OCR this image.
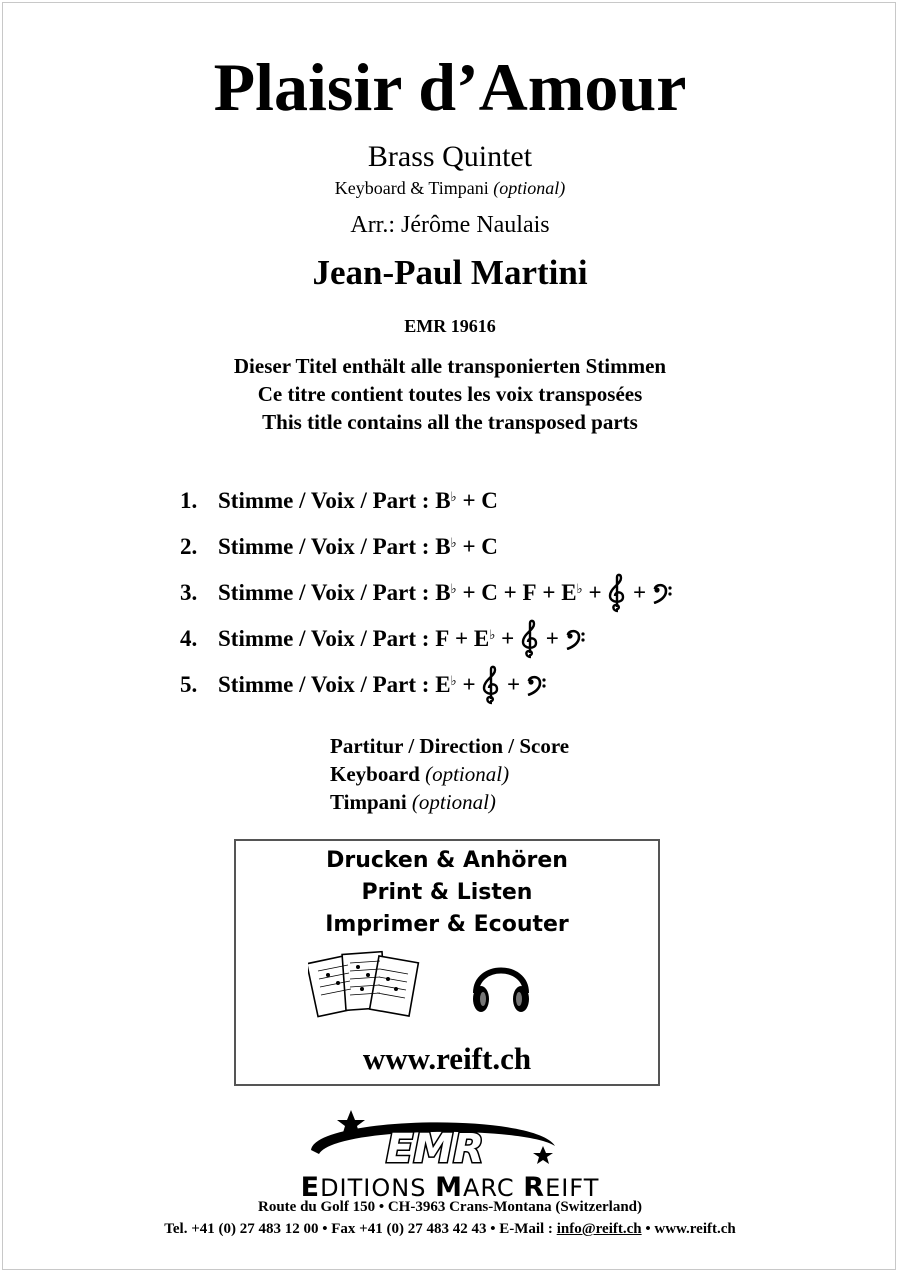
Plaisir d’Amour
Brass Quintet
Keyboard & Timpani (optional)
Arr.: Jérôme Naulais
Jean-Paul Martini
EMR 19616
Dieser Titel enthält alle transponierten Stimmen
Ce titre contient toutes les voix transposées
This title contains all the transposed parts
1. Stimme / Voix / Part :
B♭
+
C
2. Stimme / Voix / Part :
B♭
+
C
3. Stimme / Voix / Part :
B♭
+
C
+
F
+
E♭
+

+

4. Stimme / Voix / Part :
F
+
E♭
+

+

5. Stimme / Voix / Part :
E♭
+

+

Partitur / Direction / Score
Keyboard (optional)
Timpani (optional)
Drucken & Anhören
Print & Listen
Imprimer & Ecouter
www.reift.ch
EMR
EDITIONS MARC REIFT
Route du Golf 150 • CH-3963 Crans-Montana (Switzerland)
Tel. +41 (0) 27 483 12 00 • Fax +41 (0) 27 483 42 43 • E-Mail : info@reift.ch • www.reift.ch
